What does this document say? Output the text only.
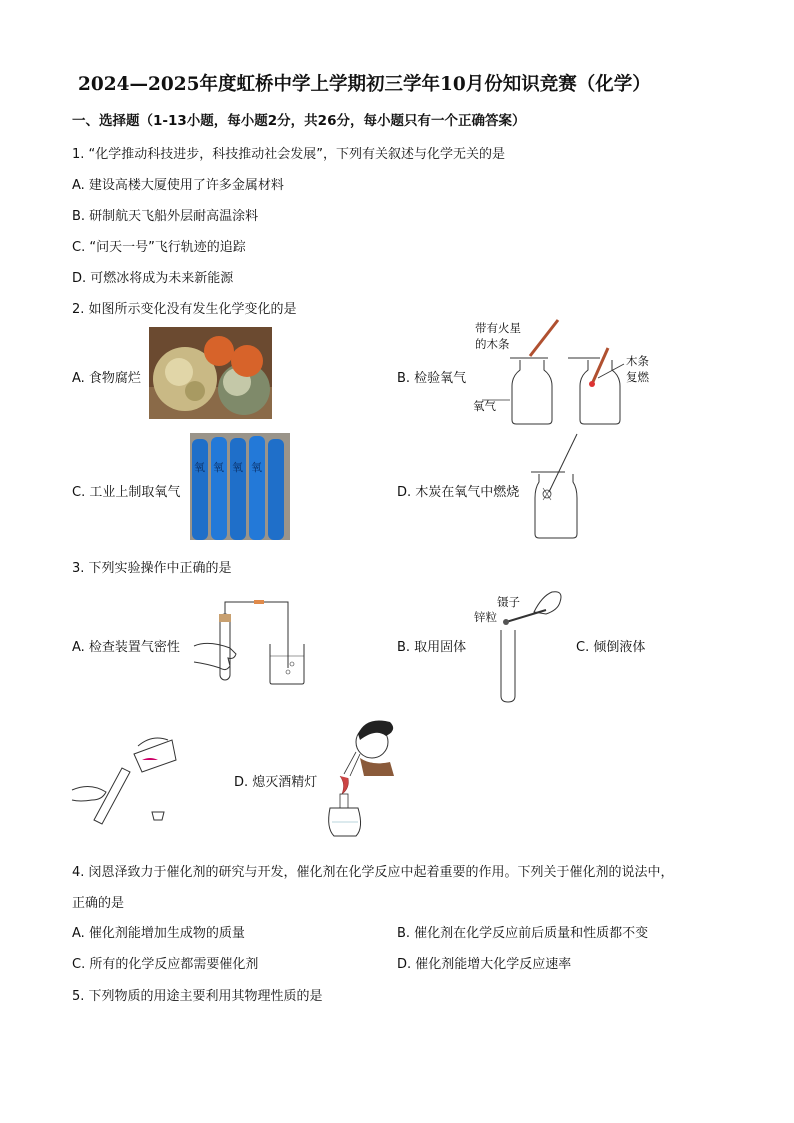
2024—2025年度虹桥中学上学期初三学年10月份知识竞赛（化学）
一、选择题（1-13小题，每小题2分，共26分，每小题只有一个正确答案）
1. “化学推动科技进步，科技推动社会发展”，下列有关叙述与化学无关的是
A. 建设高楼大厦使用了许多金属材料
B. 研制航天飞船外层耐高温涂料
C. “问天一号”飞行轨迹的追踪
D. 可燃冰将成为未来新能源
2. 如图所示变化没有发生化学变化的是
A. 食物腐烂	B. 检验氧气
带有火星
的木条
氧气
木条
复燃
C. 工业上制取氧气
氧 氧 氧 氧
D. 木炭在氧气中燃烧
3. 下列实验操作中正确的是
A. 检查装置气密性	B. 取用固体
镊子
锌粒
C. 倾倒液体
D. 熄灭酒精灯
4. 闵恩泽致力于催化剂的研究与开发，催化剂在化学反应中起着重要的作用。下列关于催化剂的说法中，
正确的是
A. 催化剂能增加生成物的质量	B. 催化剂在化学反应前后质量和性质都不变
C. 所有的化学反应都需要催化剂	D. 催化剂能增大化学反应速率
5. 下列物质的用途主要利用其物理性质的是
